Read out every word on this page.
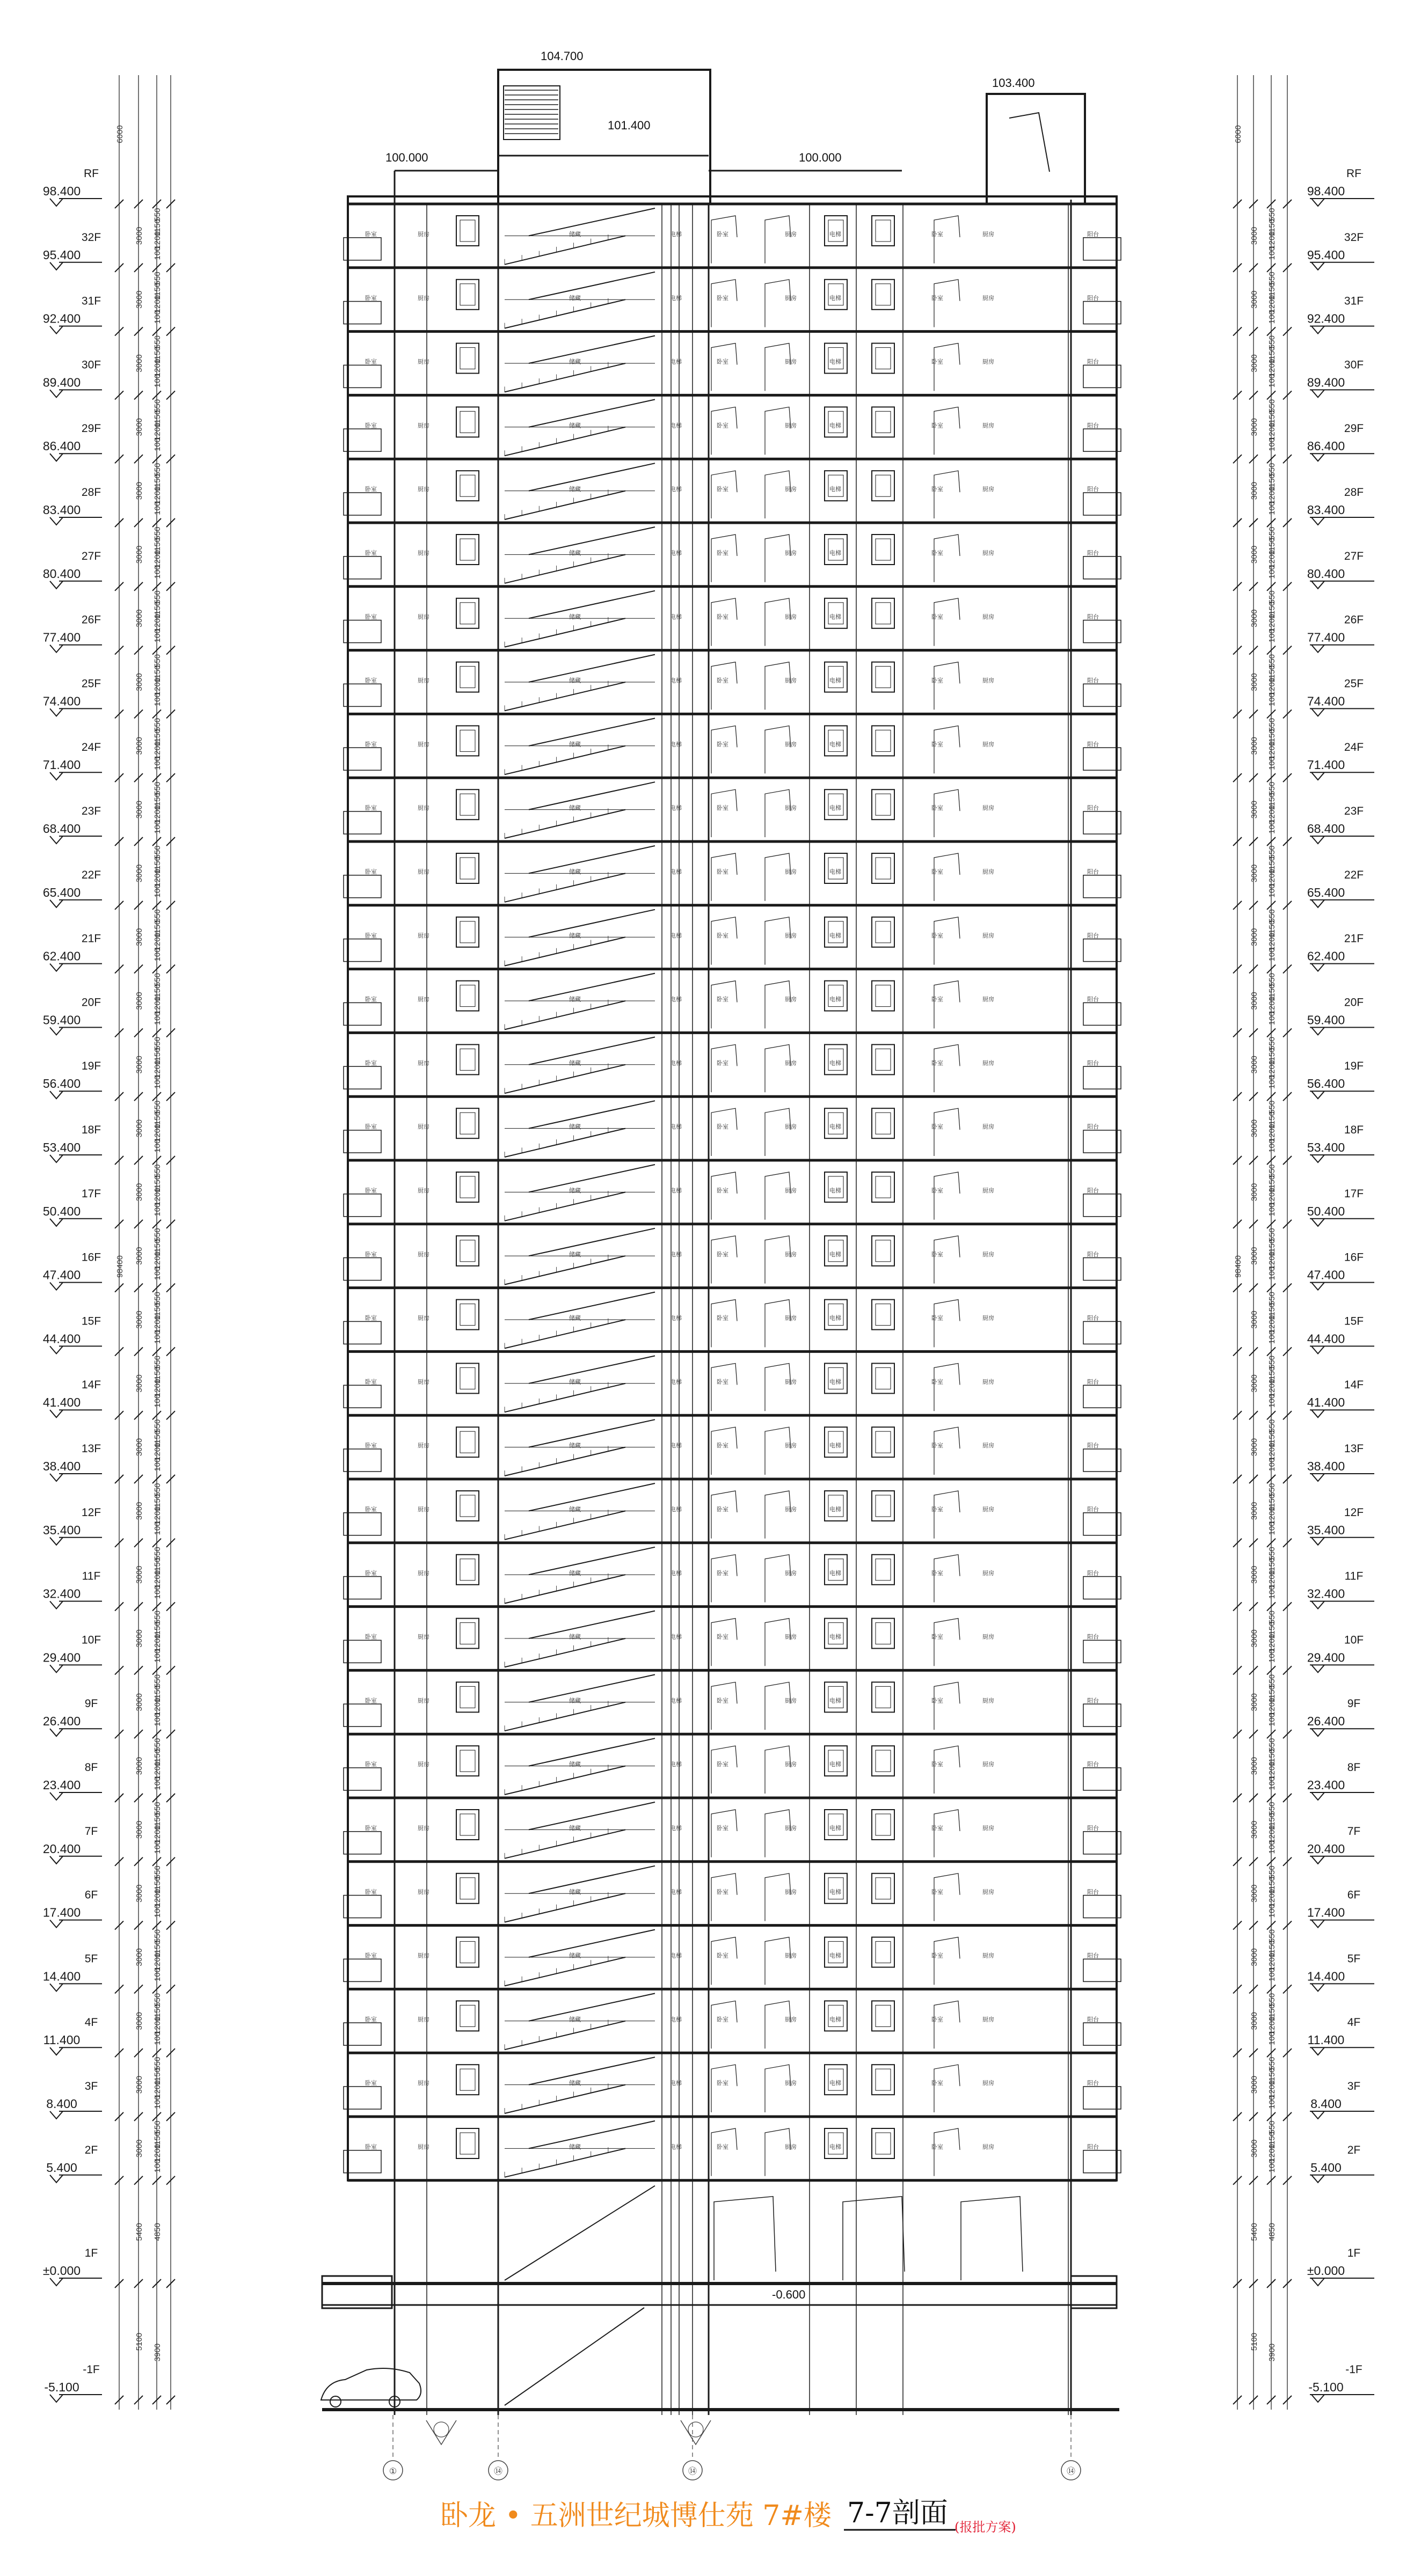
卧室	厨房	储藏	电梯	卧室	厨房	电梯	卧室	厨房	阳台
卧室	厨房	储藏	电梯	卧室	厨房	电梯	卧室	厨房	阳台
卧室	厨房	储藏	电梯	卧室	厨房	电梯	卧室	厨房	阳台
卧室	厨房	储藏	电梯	卧室	厨房	电梯	卧室	厨房	阳台
卧室	厨房	储藏	电梯	卧室	厨房	电梯	卧室	厨房	阳台
卧室	厨房	储藏	电梯	卧室	厨房	电梯	卧室	厨房	阳台
卧室	厨房	储藏	电梯	卧室	厨房	电梯	卧室	厨房	阳台
卧室	厨房	储藏	电梯	卧室	厨房	电梯	卧室	厨房	阳台
卧室	厨房	储藏	电梯	卧室	厨房	电梯	卧室	厨房	阳台
卧室	厨房	储藏	电梯	卧室	厨房	电梯	卧室	厨房	阳台
卧室	厨房	储藏	电梯	卧室	厨房	电梯	卧室	厨房	阳台
卧室	厨房	储藏	电梯	卧室	厨房	电梯	卧室	厨房	阳台
卧室	厨房	储藏	电梯	卧室	厨房	电梯	卧室	厨房	阳台
卧室	厨房	储藏	电梯	卧室	厨房	电梯	卧室	厨房	阳台
卧室	厨房	储藏	电梯	卧室	厨房	电梯	卧室	厨房	阳台
卧室	厨房	储藏	电梯	卧室	厨房	电梯	卧室	厨房	阳台
卧室	厨房	储藏	电梯	卧室	厨房	电梯	卧室	厨房	阳台
卧室	厨房	储藏	电梯	卧室	厨房	电梯	卧室	厨房	阳台
卧室	厨房	储藏	电梯	卧室	厨房	电梯	卧室	厨房	阳台
卧室	厨房	储藏	电梯	卧室	厨房	电梯	卧室	厨房	阳台
卧室	厨房	储藏	电梯	卧室	厨房	电梯	卧室	厨房	阳台
卧室	厨房	储藏	电梯	卧室	厨房	电梯	卧室	厨房	阳台
卧室	厨房	储藏	电梯	卧室	厨房	电梯	卧室	厨房	阳台
卧室	厨房	储藏	电梯	卧室	厨房	电梯	卧室	厨房	阳台
卧室	厨房	储藏	电梯	卧室	厨房	电梯	卧室	厨房	阳台
卧室	厨房	储藏	电梯	卧室	厨房	电梯	卧室	厨房	阳台
卧室	厨房	储藏	电梯	卧室	厨房	电梯	卧室	厨房	阳台
卧室	厨房	储藏	电梯	卧室	厨房	电梯	卧室	厨房	阳台
卧室	厨房	储藏	电梯	卧室	厨房	电梯	卧室	厨房	阳台
卧室	厨房	储藏	电梯	卧室	厨房	电梯	卧室	厨房	阳台
卧室	厨房	储藏	电梯	卧室	厨房	电梯	卧室	厨房	阳台
3000
550
1150
1200
100
3000
550
1150
1200
100
3000
550
1150
1200
100
3000
550
1150
1200
100
3000
550
1150
1200
100
3000
550
1150
1200
100
3000
550
1150
1200
100
3000
550
1150
1200
100
3000
550
1150
1200
100
3000
550
1150
1200
100
3000
550
1150
1200
100
3000
550
1150
1200
100
3000
550
1150
1200
100
3000
550
1150
1200
100
3000
550
1150
1200
100
3000
550
1150
1200
100
3000
550
1150
1200
100
3000
550
1150
1200
100
3000
550
1150
1200
100
3000
550
1150
1200
100
3000
550
1150
1200
100
3000
550
1150
1200
100
3000
550
1150
1200
100
3000
550
1150
1200
100
3000
550
1150
1200
100
3000
550
1150
1200
100
3000
550
1150
1200
100
3000
550
1150
1200
100
3000
550
1150
1200
100
3000
550
1150
1200
100
3000
550
1150
1200
100
5400 4850
5100
3900
6000
98400
3000
550
1150
1200
100
3000
550
1150
1200
100
3000
550
1150
1200
100
3000
550
1150
1200
100
3000
550
1150
1200
100
3000
550
1150
1200
100
3000
550
1150
1200
100
3000
550
1150
1200
100
3000
550
1150
1200
100
3000
550
1150
1200
100
3000
550
1150
1200
100
3000
550
1150
1200
100
3000
550
1150
1200
100
3000
550
1150
1200
100
3000
550
1150
1200
100
3000
550
1150
1200
100
3000
550
1150
1200
100
3000
550
1150
1200
100
3000
550
1150
1200
100
3000
550
1150
1200
100
3000
550
1150
1200
100
3000
550
1150
1200
100
3000
550
1150
1200
100
3000
550
1150
1200
100
3000
550
1150
1200
100
3000
550
1150
1200
100
3000
550
1150
1200
100
3000
550
1150
1200
100
3000
550
1150
1200
100
3000
550
1150
1200
100
3000
550
1150
1200
100
5400 4850
5100
3900
6000
98400
RF
98.400
32F
95.400
31F
92.400
30F
89.400
29F
86.400
28F
83.400
27F
80.400
26F
77.400
25F
74.400
24F
71.400
23F
68.400
22F
65.400
21F
62.400
20F
59.400
19F
56.400
18F
53.400
17F
50.400
16F
47.400
15F
44.400
14F
41.400
13F
38.400
12F
35.400
11F
32.400
10F
29.400
9F
26.400
8F
23.400
7F
20.400
6F
17.400
5F
14.400
4F
11.400
3F
8.400
2F
5.400
1F
±0.000
-1F
-5.100
RF
98.400
32F
95.400
31F
92.400
30F
89.400
29F
86.400
28F
83.400
27F
80.400
26F
77.400
25F
74.400
24F
71.400
23F
68.400
22F
65.400
21F
62.400
20F
59.400
19F
56.400
18F
53.400
17F
50.400
16F
47.400
15F
44.400
14F
41.400
13F
38.400
12F
35.400
11F
32.400
10F
29.400
9F
26.400
8F
23.400
7F
20.400
6F
17.400
5F
14.400
4F
11.400
3F
8.400
2F
5.400
1F
±0.000
-1F
-5.100
104.700
103.400
101.400
100.000	100.000
-0.600
①	⑭	⑭	⑭
卧龙 • 五洲世纪城博仕苑 7#楼 7-7剖面 (报批方案)
